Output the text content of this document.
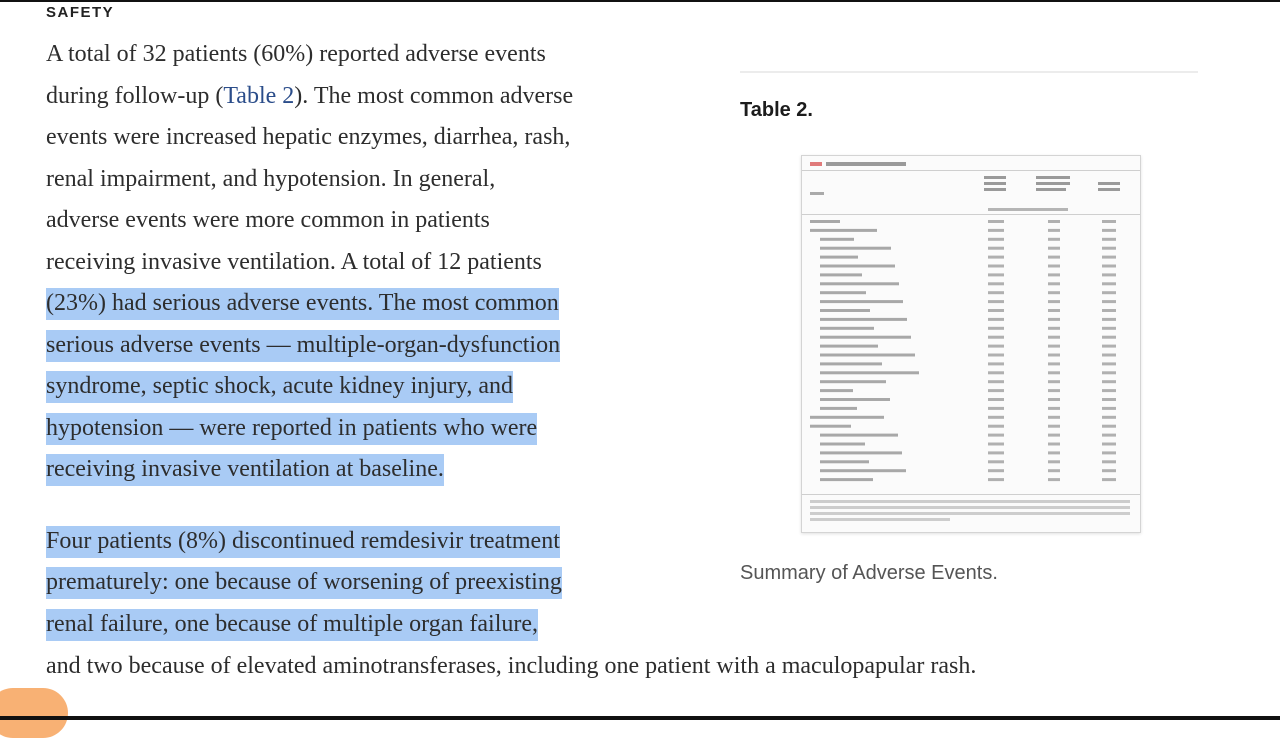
SAFETY
A total of 32 patients (60%) reported adverse events
during follow-up (Table 2). The most common adverse
events were increased hepatic enzymes, diarrhea, rash,
renal impairment, and hypotension. In general,
adverse events were more common in patients
receiving invasive ventilation. A total of 12 patients
(23%) had serious adverse events. The most common
serious adverse events — multiple-organ-dysfunction
syndrome, septic shock, acute kidney injury, and
hypotension — were reported in patients who were
receiving invasive ventilation at baseline.
Four patients (8%) discontinued remdesivir treatment
prematurely: one because of worsening of preexisting
renal failure, one because of multiple organ failure,
and two because of elevated aminotransferases, including one patient with a maculopapular rash.
Table 2.
Summary of Adverse Events.
